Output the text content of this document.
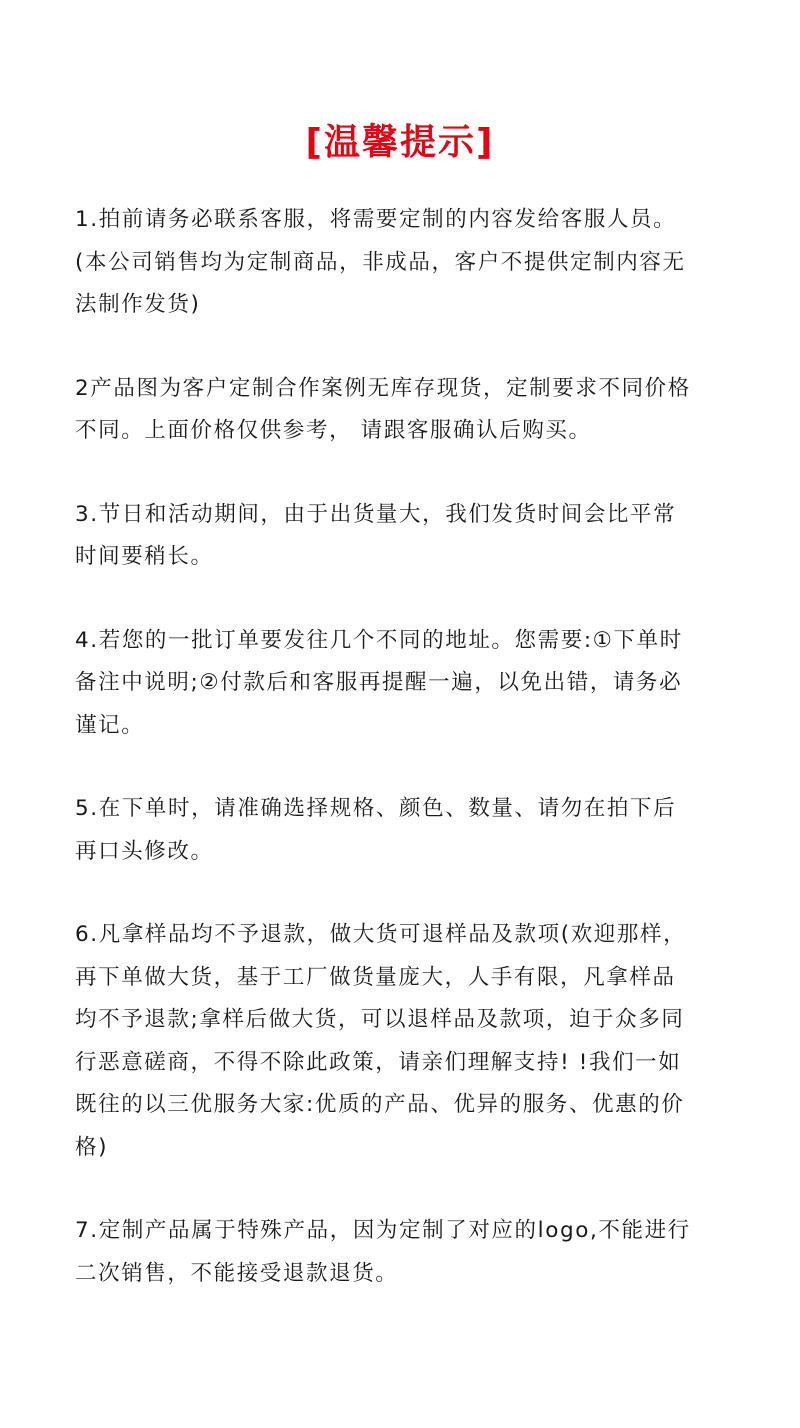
[温馨提示]
1.拍前请务必联系客服，将需要定制的内容发给客服人员。
(本公司销售均为定制商品，非成品，客户不提供定制内容无
法制作发货)
2产品图为客户定制合作案例无库存现货，定制要求不同价格
不同。上面价格仅供参考， 请跟客服确认后购买。
3.节日和活动期间，由于出货量大，我们发货时间会比平常
时间要稍长。
4.若您的一批订单要发往几个不同的地址。您需要:①下单时
备注中说明;②付款后和客服再提醒一遍，以免出错，请务必
谨记。
5.在下单时，请准确选择规格、颜色、数量、请勿在拍下后
再口头修改。
6.凡拿样品均不予退款，做大货可退样品及款项(欢迎那样，
再下单做大货，基于工厂做货量庞大，人手有限，凡拿样品
均不予退款;拿样后做大货，可以退样品及款项，迫于众多同
行恶意磋商，不得不除此政策，请亲们理解支持! !我们一如
既往的以三优服务大家:优质的产品、优异的服务、优惠的价
格)
7.定制产品属于特殊产品，因为定制了对应的logo,不能进行
二次销售，不能接受退款退货。
